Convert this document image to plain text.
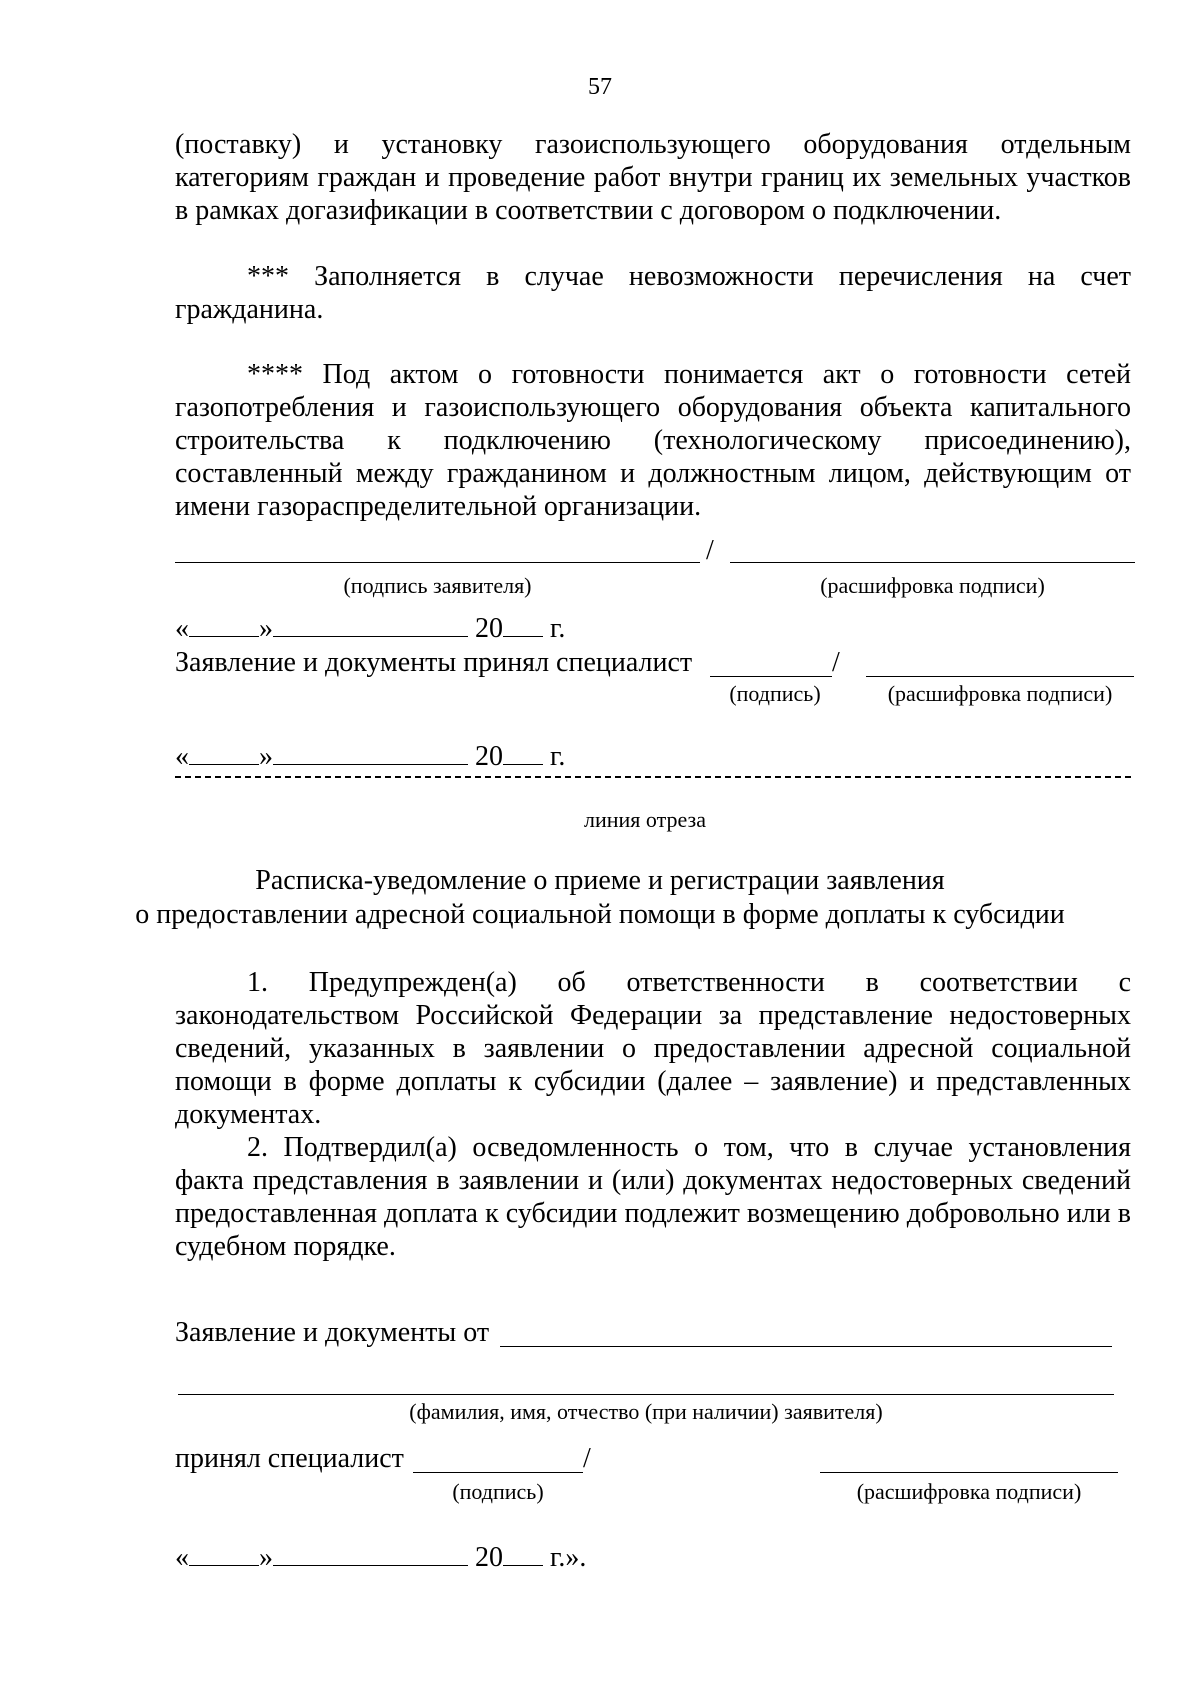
57

(поставку) и установку газоиспользующего оборудования отдельным категориям граждан и проведение работ внутри границ их земельных участков в рамках догазификации в соответствии с договором о подключении.

*** Заполняется в случае невозможности перечисления на счет гражданина.

**** Под актом о готовности понимается акт о готовности сетей газопотребления и газоиспользующего оборудования объекта капитального строительства к подключению (технологическому присоединению), составленный между гражданином и должностным лицом, действующим от имени газораспределительной организации.

/
(подпись заявителя)	(расшифровка подписи)
«	»	20 г.
Заявление и документы принял специалист	/
(подпись)	(расшифровка подписи)
«	»	20 г.
линия отреза
Расписка-уведомление о приеме и регистрации заявления
о предоставлении адресной социальной помощи в форме доплаты к субсидии

1. Предупрежден(а) об ответственности в соответствии с законодательством Российской Федерации за представление недостоверных сведений, указанных в заявлении о предоставлении адресной социальной помощи в форме доплаты к субсидии (далее – заявление) и представленных документах.

2. Подтвердил(а) осведомленность о том, что в случае установления факта представления в заявлении и (или) документах недостоверных сведений предоставленная доплата к субсидии подлежит возмещению добровольно или в судебном порядке.

Заявление и документы от
(фамилия, имя, отчество (при наличии) заявителя)
принял специалист	/
(подпись)	(расшифровка подписи)
«	»	20 г.».
